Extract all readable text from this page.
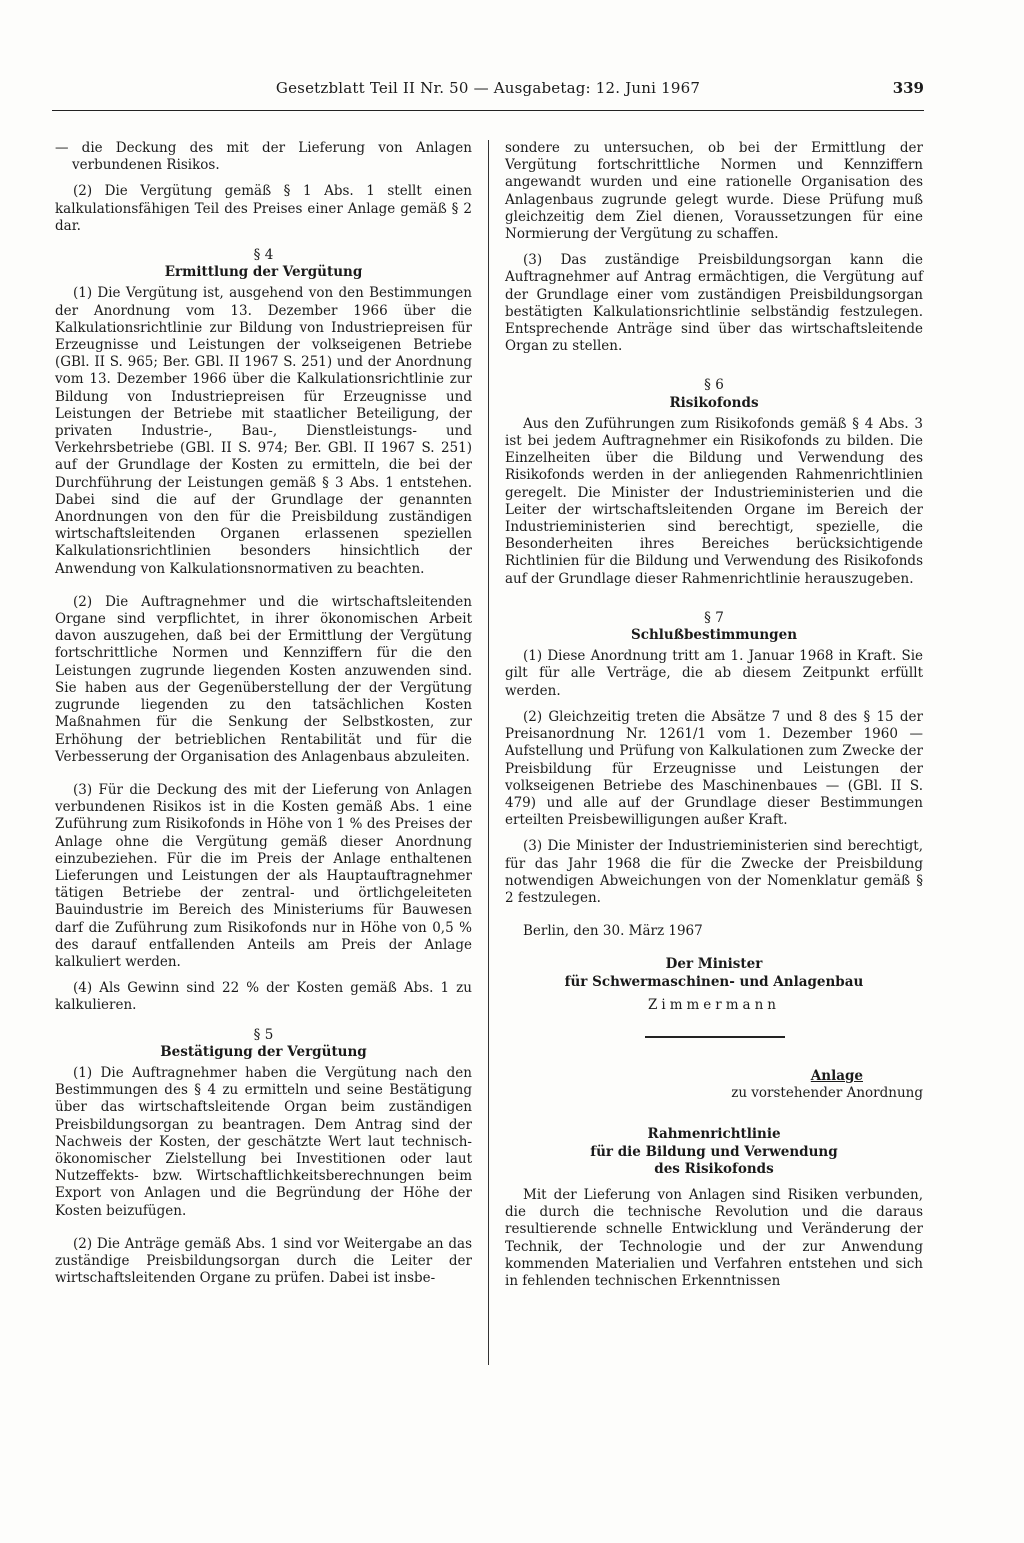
Gesetzblatt Teil II Nr. 50 — Ausgabetag: 12. Juni 1967	339

— die Deckung des mit der Lieferung von Anlagen verbundenen Risikos.

(2) Die Vergütung gemäß § 1 Abs. 1 stellt einen kalkulationsfähigen Teil des Preises einer Anlage gemäß § 2 dar.

§ 4
Ermittlung der Vergütung

(1) Die Vergütung ist, ausgehend von den Bestimmungen der Anordnung vom 13. Dezember 1966 über die Kalkulationsrichtlinie zur Bildung von Industriepreisen für Erzeugnisse und Leistungen der volkseigenen Betriebe (GBl. II S. 965; Ber. GBl. II 1967 S. 251) und der Anordnung vom 13. Dezember 1966 über die Kalkulationsrichtlinie zur Bildung von Industriepreisen für Erzeugnisse und Leistungen der Betriebe mit staatlicher Beteiligung, der privaten Industrie-, Bau-, Dienstleistungs- und Verkehrsbetriebe (GBl. II S. 974; Ber. GBl. II 1967 S. 251) auf der Grundlage der Kosten zu ermitteln, die bei der Durchführung der Leistungen gemäß § 3 Abs. 1 entstehen. Dabei sind die auf der Grundlage der genannten Anordnungen von den für die Preisbildung zuständigen wirtschaftsleitenden Organen erlassenen speziellen Kalkulationsrichtlinien besonders hinsichtlich der Anwendung von Kalkulationsnormativen zu beachten.

(2) Die Auftragnehmer und die wirtschaftsleitenden Organe sind verpflichtet, in ihrer ökonomischen Arbeit davon auszugehen, daß bei der Ermittlung der Vergütung fortschrittliche Normen und Kennziffern für die den Leistungen zugrunde liegenden Kosten anzuwenden sind. Sie haben aus der Gegenüberstellung der der Vergütung zugrunde liegenden zu den tatsächlichen Kosten Maßnahmen für die Senkung der Selbstkosten, zur Erhöhung der betrieblichen Rentabilität und für die Verbesserung der Organisation des Anlagenbaus abzuleiten.

(3) Für die Deckung des mit der Lieferung von Anlagen verbundenen Risikos ist in die Kosten gemäß Abs. 1 eine Zuführung zum Risikofonds in Höhe von 1 % des Preises der Anlage ohne die Vergütung gemäß dieser Anordnung einzubeziehen. Für die im Preis der Anlage enthaltenen Lieferungen und Leistungen der als Hauptauftragnehmer tätigen Betriebe der zentral- und örtlichgeleiteten Bauindustrie im Bereich des Ministeriums für Bauwesen darf die Zuführung zum Risikofonds nur in Höhe von 0,5 % des darauf entfallenden Anteils am Preis der Anlage kalkuliert werden.

(4) Als Gewinn sind 22 % der Kosten gemäß Abs. 1 zu kalkulieren.

§ 5
Bestätigung der Vergütung

(1) Die Auftragnehmer haben die Vergütung nach den Bestimmungen des § 4 zu ermitteln und seine Bestätigung über das wirtschaftsleitende Organ beim zuständigen Preisbildungsorgan zu beantragen. Dem Antrag sind der Nachweis der Kosten, der geschätzte Wert laut technisch-ökonomischer Zielstellung bei Investitionen oder laut Nutzeffekts- bzw. Wirtschaftlichkeitsberechnungen beim Export von Anlagen und die Begründung der Höhe der Kosten beizufügen.

(2) Die Anträge gemäß Abs. 1 sind vor Weitergabe an das zuständige Preisbildungsorgan durch die Leiter der wirtschaftsleitenden Organe zu prüfen. Dabei ist insbe-

sondere zu untersuchen, ob bei der Ermittlung der Vergütung fortschrittliche Normen und Kennziffern angewandt wurden und eine rationelle Organisation des Anlagenbaus zugrunde gelegt wurde. Diese Prüfung muß gleichzeitig dem Ziel dienen, Voraussetzungen für eine Normierung der Vergütung zu schaffen.

(3) Das zuständige Preisbildungsorgan kann die Auftragnehmer auf Antrag ermächtigen, die Vergütung auf der Grundlage einer vom zuständigen Preisbildungsorgan bestätigten Kalkulationsrichtlinie selbständig festzulegen. Entsprechende Anträge sind über das wirtschaftsleitende Organ zu stellen.

§ 6
Risikofonds

Aus den Zuführungen zum Risikofonds gemäß § 4 Abs. 3 ist bei jedem Auftragnehmer ein Risikofonds zu bilden. Die Einzelheiten über die Bildung und Verwendung des Risikofonds werden in der anliegenden Rahmenrichtlinien geregelt. Die Minister der Industrieministerien und die Leiter der wirtschaftsleitenden Organe im Bereich der Industrieministerien sind berechtigt, spezielle, die Besonderheiten ihres Bereiches berücksichtigende Richtlinien für die Bildung und Verwendung des Risikofonds auf der Grundlage dieser Rahmenrichtlinie herauszugeben.

§ 7
Schlußbestimmungen

(1) Diese Anordnung tritt am 1. Januar 1968 in Kraft. Sie gilt für alle Verträge, die ab diesem Zeitpunkt erfüllt werden.

(2) Gleichzeitig treten die Absätze 7 und 8 des § 15 der Preisanordnung Nr. 1261/1 vom 1. Dezember 1960 — Aufstellung und Prüfung von Kalkulationen zum Zwecke der Preisbildung für Erzeugnisse und Leistungen der volkseigenen Betriebe des Maschinenbaues — (GBl. II S. 479) und alle auf der Grundlage dieser Bestimmungen erteilten Preisbewilligungen außer Kraft.

(3) Die Minister der Industrieministerien sind berechtigt, für das Jahr 1968 die für die Zwecke der Preisbildung notwendigen Abweichungen von der Nomenklatur gemäß § 2 festzulegen.

Berlin, den 30. März 1967

Der Minister
für Schwermaschinen- und Anlagenbau
Zimmermann
Anlage
zu vorstehender Anordnung
Rahmenrichtlinie
für die Bildung und Verwendung
des Risikofonds

Mit der Lieferung von Anlagen sind Risiken verbunden, die durch die technische Revolution und die daraus resultierende schnelle Entwicklung und Veränderung der Technik, der Technologie und der zur Anwendung kommenden Materialien und Verfahren entstehen und sich in fehlenden technischen Erkenntnissen
